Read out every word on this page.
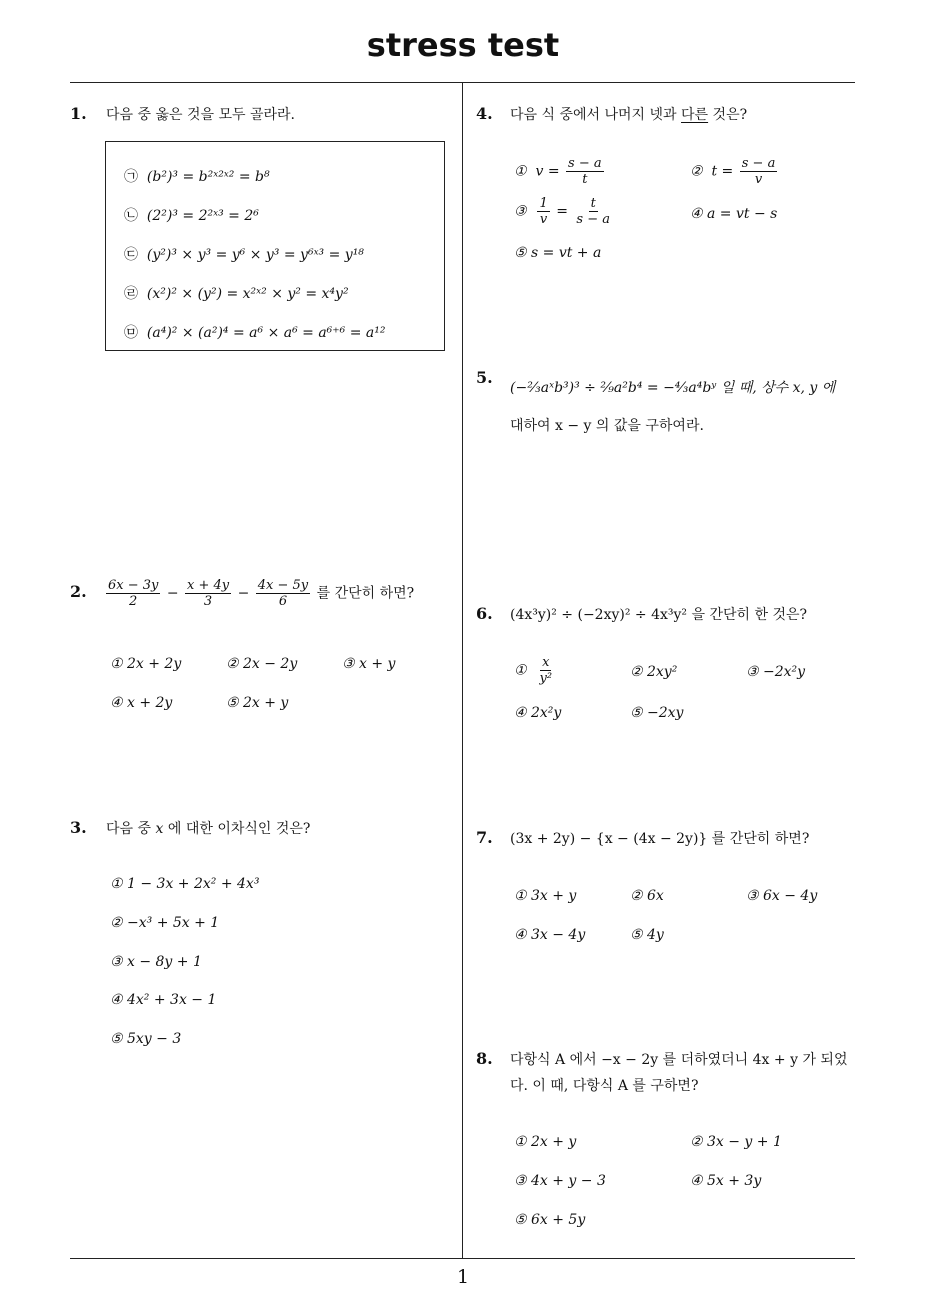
stress test
1
1. 다음 중 옳은 것을 모두 골라라.
㉠ (b²)³ = b²ˣ²ˣ² = b⁸
㉡ (2²)³ = 2²ˣ³ = 2⁶
㉢ (y²)³ × y³ = y⁶ × y³ = y⁶ˣ³ = y¹⁸
㉣ (x²)² × (y²) = x²ˣ² × y² = x⁴y²
㉤ (a⁴)² × (a²)⁴ = a⁶ × a⁶ = a⁶⁺⁶ = a¹²
2. $\frac{6x - 3y}{2} - \frac{x + 4y}{3} - \frac{4x - 5y}{6}$ 를 간단히 하면?
① 2x + 2y	② 2x − 2y	③ x + y
④ x + 2y	⑤ 2x + y
3. 다음 중 x 에 대한 이차식인 것은?
① 1 − 3x + 2x² + 4x³
② −x³ + 5x + 1
③ x − 8y + 1
④ 4x² + 3x − 1
⑤ 5xy − 3
4. 다음 식 중에서 나머지 넷과 다른 것은?
① $v = \frac{s - a}{t}$	② $t = \frac{s - a}{v}$
③ $\frac{1}{v} = \frac{t}{s - a}$	④ a = vt − s
⑤ s = vt + a
5.
(−²⁄₃aˣb³)³ ÷ ²⁄₉a²b⁴ = −⁴⁄₃a⁴bʸ 일 때, 상수 x, y 에
대하여 x − y 의 값을 구하여라.
6. (4x³y)² ÷ (−2xy)² ÷ 4x³y² 을 간단히 한 것은?
① $\frac{x}{\text{y²}}$	② 2xy²	③ −2x²y
④ 2x²y	⑤ −2xy
7. (3x + 2y) − {x − (4x − 2y)} 를 간단히 하면?
① 3x + y	② 6x	③ 6x − 4y
④ 3x − 4y	⑤ 4y
8. 다항식 A 에서 −x − 2y 를 더하였더니 4x + y 가 되었
다. 이 때, 다항식 A 를 구하면?
① 2x + y	② 3x − y + 1
③ 4x + y − 3	④ 5x + 3y
⑤ 6x + 5y
